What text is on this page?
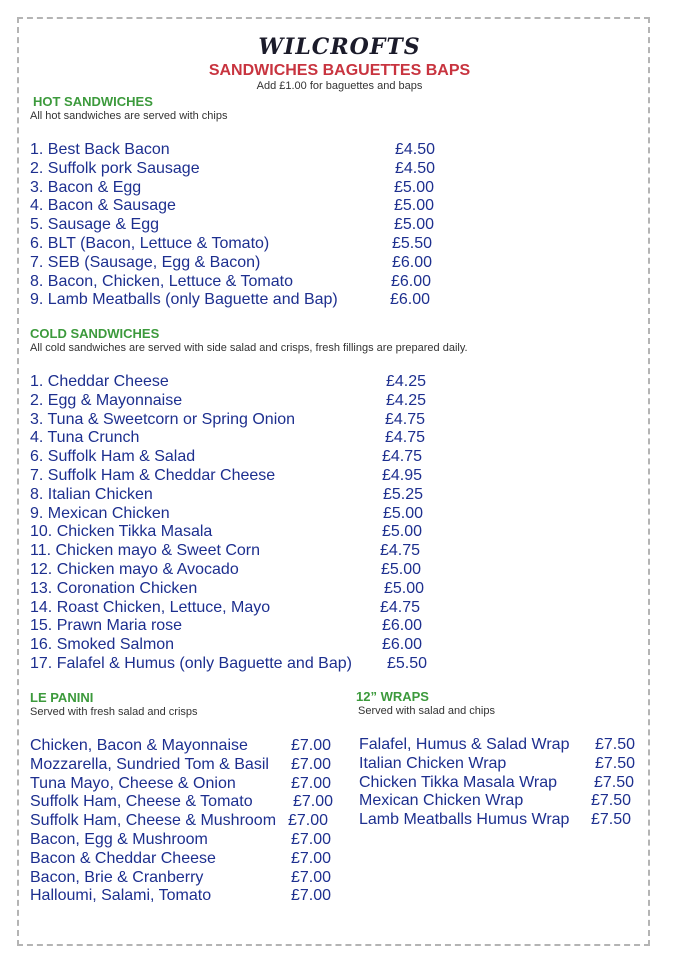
WILCROFTS
SANDWICHES BAGUETTES BAPS
Add £1.00 for baguettes and baps
HOT SANDWICHES
All hot sandwiches are served with chips
1. Best Back Bacon	£4.50
2. Suffolk pork Sausage	£4.50
3. Bacon & Egg	£5.00
4. Bacon & Sausage	£5.00
5. Sausage & Egg	£5.00
6. BLT (Bacon, Lettuce & Tomato)	£5.50
7. SEB (Sausage, Egg & Bacon)	£6.00
8. Bacon, Chicken, Lettuce & Tomato	£6.00
9. Lamb Meatballs (only Baguette and Bap)	£6.00
COLD SANDWICHES
All cold sandwiches are served with side salad and crisps, fresh fillings are prepared daily.
1. Cheddar Cheese	£4.25
2. Egg & Mayonnaise	£4.25
3. Tuna & Sweetcorn or Spring Onion	£4.75
4. Tuna Crunch	£4.75
6. Suffolk Ham & Salad	£4.75
7. Suffolk Ham & Cheddar Cheese	£4.95
8. Italian Chicken	£5.25
9. Mexican Chicken	£5.00
10. Chicken Tikka Masala	£5.00
11. Chicken mayo & Sweet Corn	£4.75
12. Chicken mayo & Avocado	£5.00
13. Coronation Chicken	£5.00
14. Roast Chicken, Lettuce, Mayo	£4.75
15. Prawn Maria rose	£6.00
16. Smoked Salmon	£6.00
17. Falafel & Humus (only Baguette and Bap) £5.50
LE PANINI
Served with fresh salad and crisps
Chicken, Bacon & Mayonnaise	£7.00
Mozzarella, Sundried Tom & Basil £7.00
Tuna Mayo, Cheese & Onion	£7.00
Suffolk Ham, Cheese & Tomato	£7.00
Suffolk Ham, Cheese & Mushroom £7.00
Bacon, Egg & Mushroom	£7.00
Bacon & Cheddar Cheese	£7.00
Bacon, Brie & Cranberry	£7.00
Halloumi, Salami, Tomato	£7.00
12” WRAPS
Served with salad and chips
Falafel, Humus & Salad Wrap £7.50
Italian Chicken Wrap	£7.50
Chicken Tikka Masala Wrap £7.50
Mexican Chicken Wrap	£7.50
Lamb Meatballs Humus Wrap £7.50
